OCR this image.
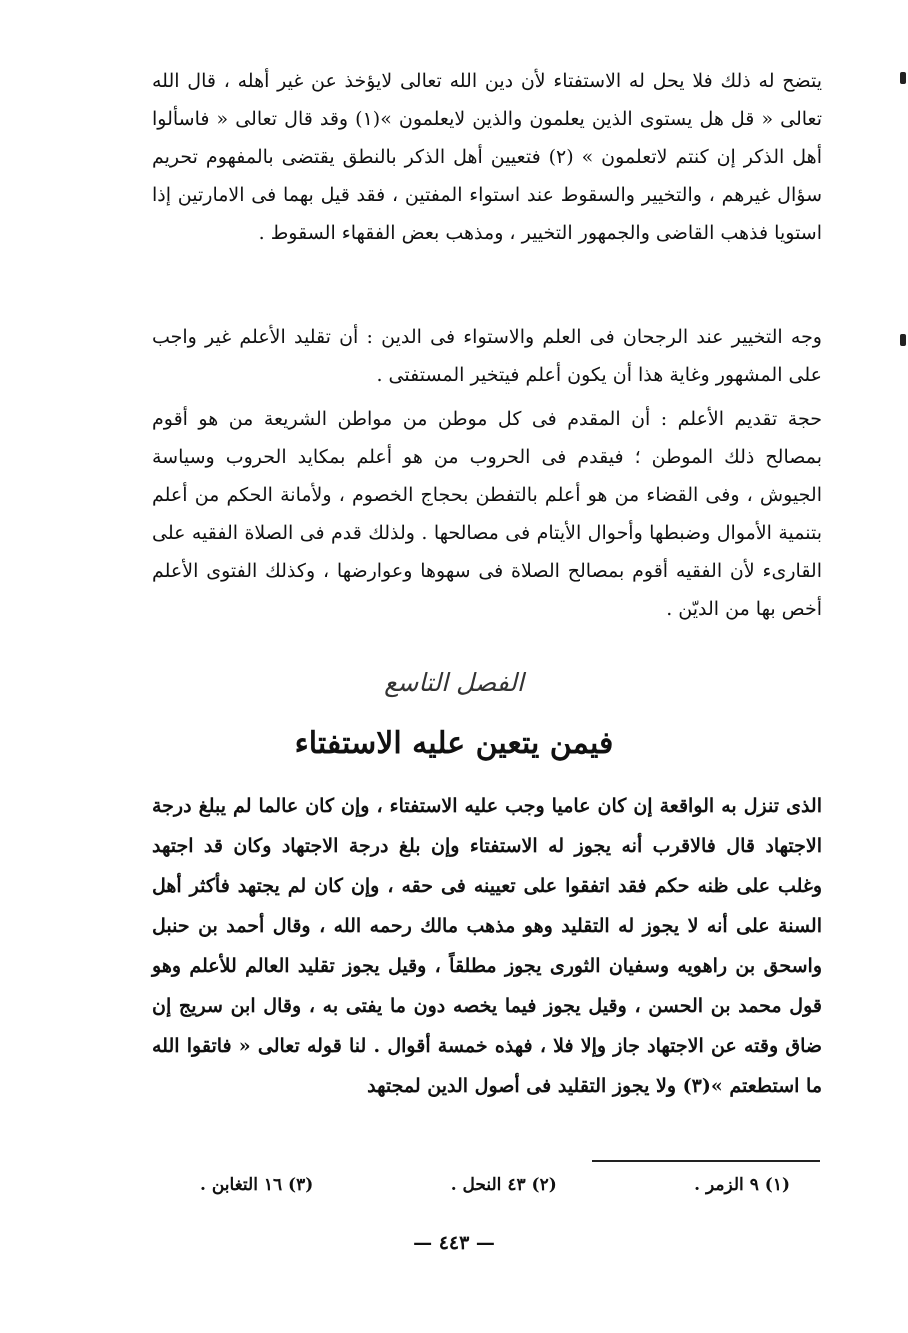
يتضح له ذلك فلا يحل له الاستفتاء لأن دين الله تعالى لايؤخذ عن غير أهله ، قال الله تعالى « قل هل يستوى الذين يعلمون والذين لايعلمون »(١) وقد قال تعالى « فاسألوا أهل الذكر إن كنتم لاتعلمون » (٢) فتعيين أهل الذكر بالنطق يقتضى بالمفهوم تحريم سؤال غيرهم ، والتخيير والسقوط عند استواء المفتين ، فقد قيل بهما فى الامارتين إذا استويا فذهب القاضى والجمهور التخيير ، ومذهب بعض الفقهاء السقوط .
وجه التخيير عند الرجحان فى العلم والاستواء فى الدين : أن تقليد الأعلم غير واجب على المشهور وغاية هذا أن يكون أعلم فيتخير المستفتى .
حجة تقديم الأعلم : أن المقدم فى كل موطن من مواطن الشريعة من هو أقوم بمصالح ذلك الموطن ؛ فيقدم فى الحروب من هو أعلم بمكايد الحروب وسياسة الجيوش ، وفى القضاء من هو أعلم بالتفطن بحجاج الخصوم ، ولأمانة الحكم من أعلم بتنمية الأموال وضبطها وأحوال الأيتام فى مصالحها . ولذلك قدم فى الصلاة الفقيه على القارىء لأن الفقيه أقوم بمصالح الصلاة فى سهوها وعوارضها ، وكذلك الفتوى الأعلم أخص بها من الديّن .
الفصل التاسع
فيمن يتعين عليه الاستفتاء
الذى تنزل به الواقعة إن كان عاميا وجب عليه الاستفتاء ، وإن كان عالما لم يبلغ درجة الاجتهاد قال فالاقرب أنه يجوز له الاستفتاء وإن بلغ درجة الاجتهاد وكان قد اجتهد وغلب على ظنه حكم فقد اتفقوا على تعيينه فى حقه ، وإن كان لم يجتهد فأكثر أهل السنة على أنه لا يجوز له التقليد وهو مذهب مالك رحمه الله ، وقال أحمد بن حنبل واسحق بن راهويه وسفيان الثورى يجوز مطلقاً ، وقيل يجوز تقليد العالم للأعلم وهو قول محمد بن الحسن ، وقيل يجوز فيما يخصه دون ما يفتى به ، وقال ابن سريج إن ضاق وقته عن الاجتهاد جاز وإلا فلا ، فهذه خمسة أقوال . لنا قوله تعالى « فاتقوا الله ما استطعتم »(٣) ولا يجوز التقليد فى أصول الدين لمجتهد
(١) ٩ الزمر .
(٢) ٤٣ النحل .
(٣) ١٦ التغابن .
— ٤٤٣ —
